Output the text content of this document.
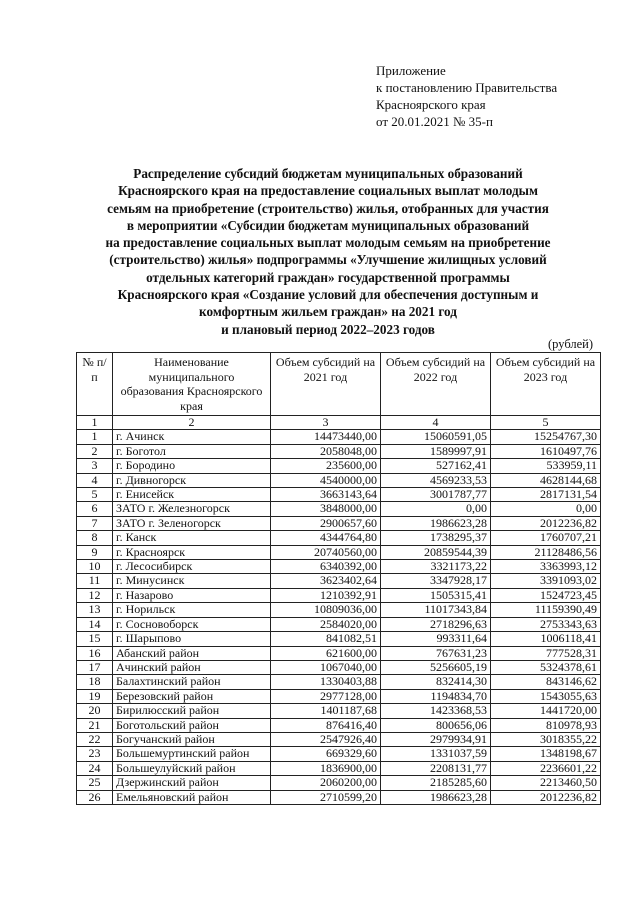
Приложение
к постановлению Правительства
Красноярского края
от 20.01.2021 № 35-п
Распределение субсидий бюджетам муниципальных образований
Красноярского края на предоставление социальных выплат молодым
семьям на приобретение (строительство) жилья, отобранных для участия
в мероприятии «Субсидии бюджетам муниципальных образований
на предоставление социальных выплат молодым семьям на приобретение
(строительство) жилья» подпрограммы «Улучшение жилищных условий
отдельных категорий граждан» государственной программы
Красноярского края «Создание условий для обеспечения доступным и
комфортным жильем граждан» на 2021 год
и плановый период 2022–2023 годов
(рублей)
№ п/п	Наименование муниципального образования Красноярского края	Объем субсидий на 2021 год	Объем субсидий на 2022 год	Объем субсидий на 2023 год
1	2	3	4	5
1	г. Ачинск	14473440,00	15060591,05	15254767,30
2	г. Боготол	2058048,00	1589997,91	1610497,76
3	г. Бородино	235600,00	527162,41	533959,11
4	г. Дивногорск	4540000,00	4569233,53	4628144,68
5	г. Енисейск	3663143,64	3001787,77	2817131,54
6	ЗАТО г. Железногорск	3848000,00	0,00	0,00
7	ЗАТО г. Зеленогорск	2900657,60	1986623,28	2012236,82
8	г. Канск	4344764,80	1738295,37	1760707,21
9	г. Красноярск	20740560,00	20859544,39	21128486,56
10	г. Лесосибирск	6340392,00	3321173,22	3363993,12
11	г. Минусинск	3623402,64	3347928,17	3391093,02
12	г. Назарово	1210392,91	1505315,41	1524723,45
13	г. Норильск	10809036,00	11017343,84	11159390,49
14	г. Сосновоборск	2584020,00	2718296,63	2753343,63
15	г. Шарыпово	841082,51	993311,64	1006118,41
16	Абанский район	621600,00	767631,23	777528,31
17	Ачинский район	1067040,00	5256605,19	5324378,61
18	Балахтинский район	1330403,88	832414,30	843146,62
19	Березовский район	2977128,00	1194834,70	1543055,63
20	Бирилюсский район	1401187,68	1423368,53	1441720,00
21	Боготольский район	876416,40	800656,06	810978,93
22	Богучанский район	2547926,40	2979934,91	3018355,22
23	Большемуртинский район	669329,60	1331037,59	1348198,67
24	Большеулуйский район	1836900,00	2208131,77	2236601,22
25	Дзержинский район	2060200,00	2185285,60	2213460,50
26	Емельяновский район	2710599,20	1986623,28	2012236,82
